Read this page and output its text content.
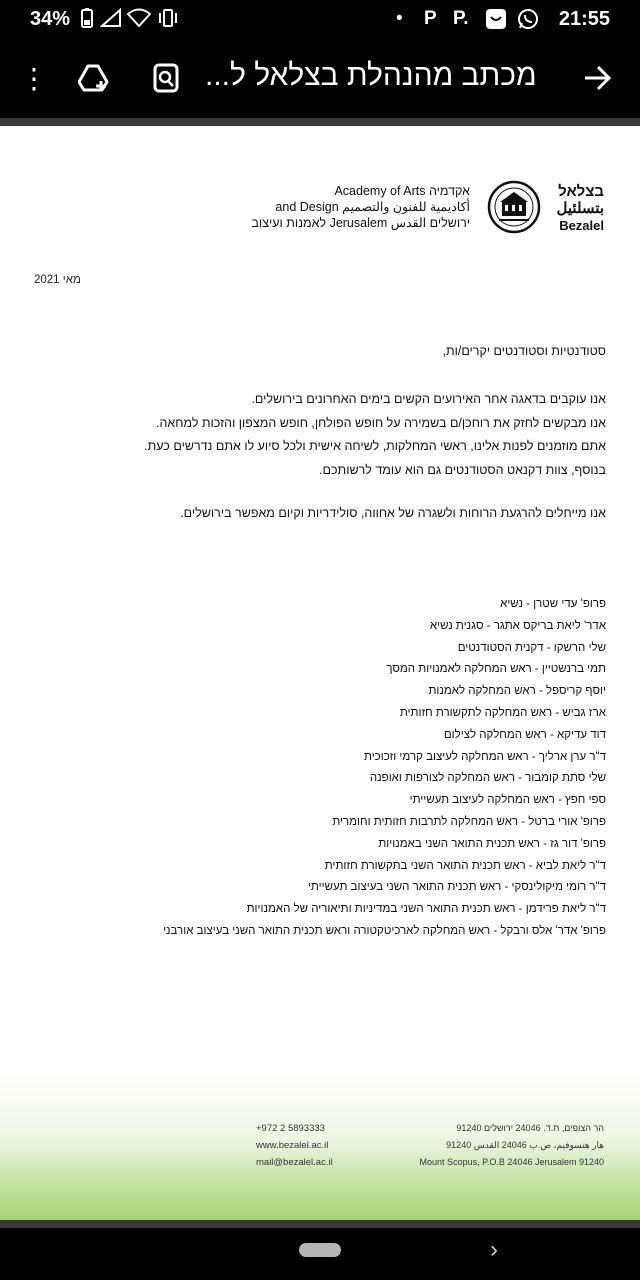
34%	• P P.	21:55
⋮	מכתב מהנהלת בצלאל ל...
בצלאל
بتسلئيل
Bezalel
Academy of Arts אקדמיה
and Design أكاديمية للفنون والتصميم
לאמנות ועיצוב Jerusalem ירושלים القدس
מאי 2021
סטודנטיות וסטודנטים יקרים/ות,
אנו עוקבים בדאגה אחר האירועים הקשים בימים האחרונים בירושלים.
אנו מבקשים לחזק את רוחכן/ם בשמירה על חופש הפולחן, חופש המצפון והזכות למחאה.
אתם מוזמנים לפנות אלינו, ראשי המחלקות, לשיחה אישית ולכל סיוע לו אתם נדרשים כעת.
בנוסף, צוות דקנאט הסטודנטים גם הוא עומד לרשותכם.
אנו מייחלים להרגעת הרוחות ולשגרה של אחווה, סולידריות וקיום מאפשר בירושלים.
פרופ' עדי שטרן - נשיא
אדר' ליאת בריקס אתגר - סגנית נשיא
שלי הרשקו - דקנית הסטודנטים
תמי ברנשטיין - ראש המחלקה לאמנויות המסך
יוסף קריספל - ראש המחלקה לאמנות
ארז גביש - ראש המחלקה לתקשורת חזותית
דוד עדיקא - ראש המחלקה לצילום
ד"ר ערן ארליך - ראש המחלקה לעיצוב קרמי וזכוכית
שלי סתת קומבור - ראש המחלקה לצורפות ואופנה
ספי חפץ - ראש המחלקה לעיצוב תעשייתי
פרופ' אורי ברטל - ראש המחלקה לתרבות חזותית וחומרית
פרופ' דור גז - ראש תכנית התואר השני באמנויות
ד"ר ליאת לביא - ראש תכנית התואר השני בתקשורת חזותית
ד"ר רומי מיקולינסקי - ראש תכנית התואר השני בעיצוב תעשייתי
ד"ר ליאת פרידמן - ראש תכנית התואר השני במדיניות ותיאוריה של האמנויות
פרופ' אדר' אלס ורבקל - ראש המחלקה לארכיטקטורה וראש תכנית התואר השני בעיצוב אורבני
+972 2 5893333
www.bezalel.ac.il
mail@bezalel.ac.il
הר הצופים, ת.ד. 24046 ירושלים 91240
هار هتسوفيم، ص.ب 24046 القدس 91240
Mount Scopus, P.O.B 24046 Jerusalem 91240
›
